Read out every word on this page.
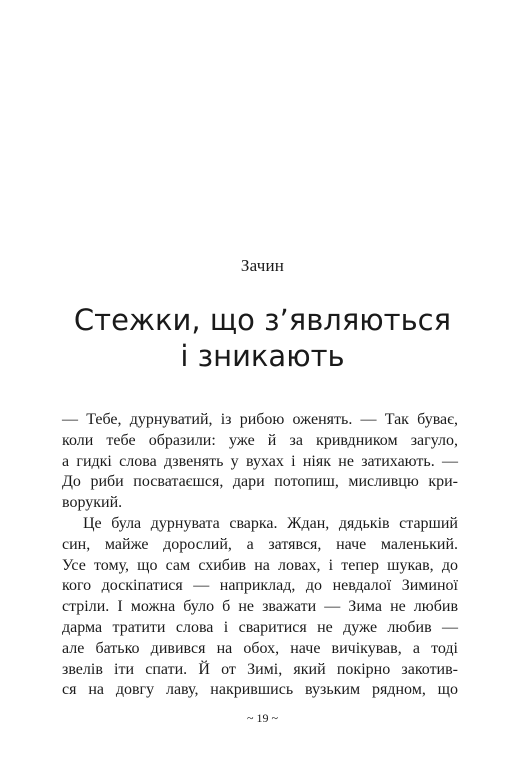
Зачин
Стежки, що з’являються
і зникають
— Тебе, дурнуватий, із рибою оженять. — Так буває,
коли тебе образили: уже й за кривдником загуло,
а гидкі слова дзвенять у вухах і ніяк не затихають. —
До риби посватаєшся, дари потопиш, мисливцю кри-
ворукий.
Це була дурнувата сварка. Ждан, дядьків старший
син, майже дорослий, а затявся, наче маленький.
Усе тому, що сам схибив на ловах, і тепер шукав, до
кого доскіпатися — наприклад, до невдалої Зиминої
стріли. І можна було б не зважати — Зима не любив
дарма тратити слова і сваритися не дуже любив —
але батько дивився на обох, наче вичікував, а тоді
звелів іти спати. Й от Зимі, який покірно закотив-
ся на довгу лаву, накрившись вузьким рядном, що
~ 19 ~
